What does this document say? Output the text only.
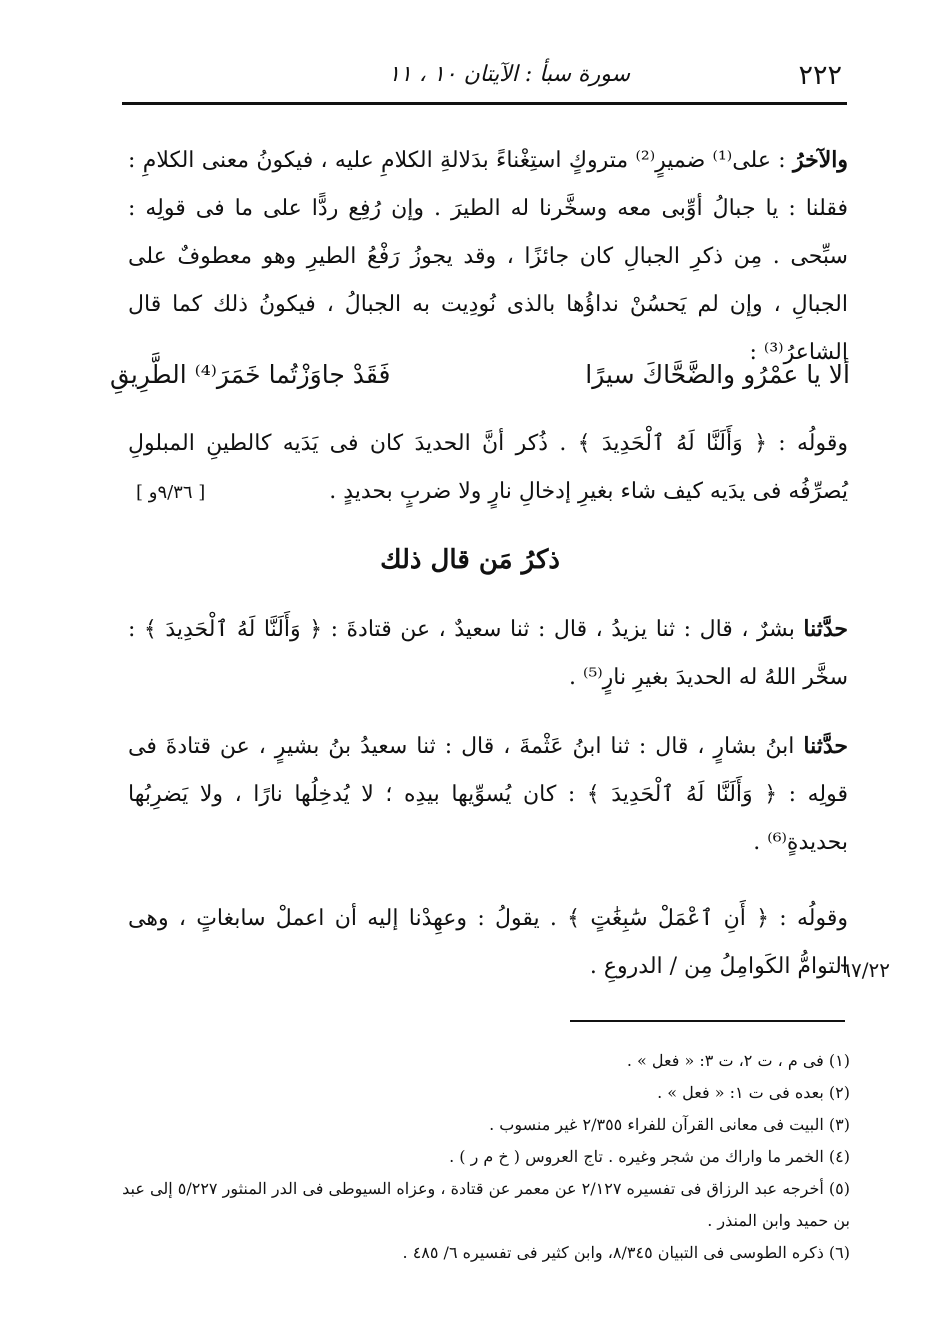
٢٢٢
سورة سبأ : الآيتان ١٠ ، ١١

والآخرُ : على⁽¹⁾ ضميرٍ⁽²⁾ متروكٍ استِغْناءً بدَلالةِ الكلامِ عليه ، فيكونُ معنى الكلامِ : فقلنا : يا جبالُ أوِّبى معه وسخَّرنا له الطيرَ . وإن رُفِع ردًّا على ما فى قولِه : سبِّحى . مِن ذكرِ الجبالِ كان جائزًا ، وقد يجوزُ رَفْعُ الطيرِ وهو معطوفٌ على الجبالِ ، وإن لم يَحسُنْ نداؤُها بالذى نُودِيت به الجبالُ ، فيكونُ ذلك كما قال الشاعرُ⁽³⁾ :

ألا يا عمْرُو والضَّحَّاكَ سيرًا
فَقَدْ جاوَزْتُما خَمَرَ⁽⁴⁾ الطَّرِيقِ

وقولُه : ﴿ وَأَلَنَّا لَهُ ٱلْحَدِيدَ ﴾ . ذُكر أنَّ الحديدَ كان فى يَدَيه كالطينِ المبلولِ يُصرِّفُه فى يدَيه كيف شاء بغيرِ إدخالِ نارٍ ولا ضربٍ بحديدٍ .

[ ٩/٣٦و ]
ذكرُ مَن قال ذلك

حدَّثنا بشرٌ ، قال : ثنا يزيدُ ، قال : ثنا سعيدٌ ، عن قتادةَ : ﴿ وَأَلَنَّا لَهُ ٱلْحَدِيدَ ﴾ : سخَّر اللهُ له الحديدَ بغيرِ نارٍ⁽⁵⁾ .

حدَّثنا ابنُ بشارٍ ، قال : ثنا ابنُ عَثْمةَ ، قال : ثنا سعيدُ بنُ بشيرٍ ، عن قتادةَ فى قولِه : ﴿ وَأَلَنَّا لَهُ ٱلْحَدِيدَ ﴾ : كان يُسوِّيها بيدِه ؛ لا يُدخِلُها نارًا ، ولا يَضرِبُها بحديدةٍ⁽⁶⁾ .

وقولُه : ﴿ أَنِ ٱعْمَلْ سَٰبِغَٰتٍ ﴾ . يقولُ : وعهِدْنا إليه أن اعملْ سابغاتٍ ، وهى التوامُّ الكَوامِلُ مِن / الدروعِ .

٦٧/٢٢

(١) فى م ، ت ٢، ت ٣: « فعل » .

(٢) بعده فى ت ١: « فعل » .

(٣) البيت فى معانى القرآن للفراء ٢/٣٥٥ غير منسوب .

(٤) الخمر ما واراك من شجر وغيره . تاج العروس ( خ م ر ) .

(٥) أخرجه عبد الرزاق فى تفسيره ٢/١٢٧ عن معمر عن قتادة ، وعزاه السيوطى فى الدر المنثور ٥/٢٢٧ إلى عبد بن حميد وابن المنذر .

(٦) ذكره الطوسى فى التبيان ٨/٣٤٥، وابن كثير فى تفسيره ٦/ ٤٨٥ .
